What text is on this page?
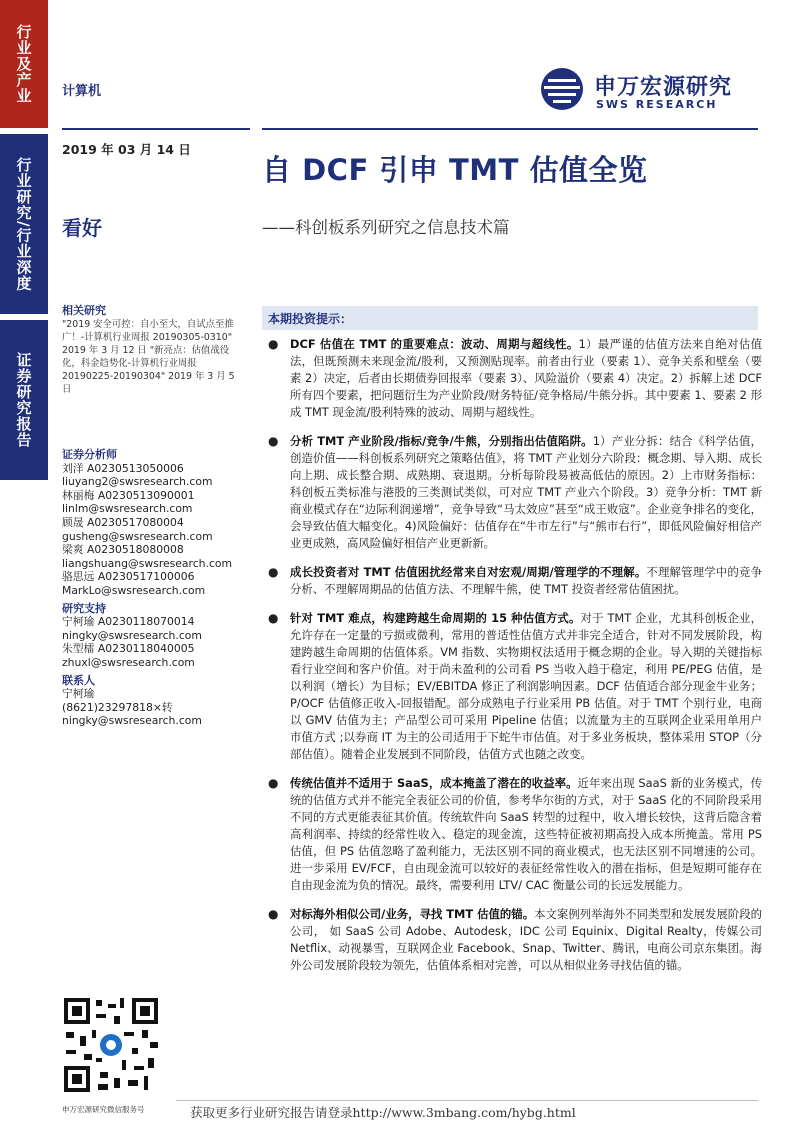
行业及产业
行业研究/行业深度
证券研究报告
计算机	申万宏源研究
SWS RESEARCH
2019 年 03 月 14 日
自 DCF 引申 TMT 估值全览
——科创板系列研究之信息技术篇
看好
相关研究
"2019 安全可控：自小至大，自试点至推广！-计算机行业周报 20190305-0310" 2019 年 3 月 12 日 "新亮点：估值战役化，科金趋势化-计算机行业周报 20190225-20190304" 2019 年 3 月 5 日
证券分析师
刘洋 A0230513050006
liuyang2@swsresearch.com
林丽梅 A0230513090001
linlm@swsresearch.com
顾晟 A0230517080004
gusheng@swsresearch.com
梁爽 A0230518080008
liangshuang@swsresearch.com
骆思远 A0230517100006
MarkLo@swsresearch.com
研究支持
宁柯瑜 A0230118070014
ningky@swsresearch.com
朱型檑 A0230118040005
zhuxl@swsresearch.com
联系人
宁柯瑜
(8621)23297818×转
ningky@swsresearch.com
本期投资提示：
● DCF 估值在 TMT 的重要难点：波动、周期与超线性。1）最严谨的估值方法来自绝对估值法，但既预测未来现金流/股利，又预测贴现率。前者由行业（要素 1）、竞争关系和壁垒（要素 2）决定，后者由长期债券回报率（要素 3）、风险溢价（要素 4）决定。2）拆解上述 DCF 所有四个要素，把问题衍生为产业阶段/财务特征/竞争格局/牛熊分拆。其中要素 1、要素 2 形成 TMT 现金流/股利特殊的波动、周期与超线性。
● 分析 TMT 产业阶段/指标/竞争/牛熊，分别指出估值陷阱。1）产业分拆：结合《科学估值，创造价值——科创板系列研究之策略估值》，将 TMT 产业划分六阶段：概念期、导入期、成长向上期、成长整合期、成熟期、衰退期。分析每阶段易被高低估的原因。2）上市财务指标：科创板五类标准与港股的三类测试类似，可对应 TMT 产业六个阶段。3）竞争分析：TMT 新商业模式存在“边际利润递增”，竞争导致“马太效应”甚至“成王败寇”。企业竞争排名的变化，会导致估值大幅变化。4)风险偏好：估值存在“牛市左行”与“熊市右行”，即低风险偏好相信产业更成熟，高风险偏好相信产业更新新。
● 成长投资者对 TMT 估值困扰经常来自对宏观/周期/管理学的不理解。不理解管理学中的竞争分析、不理解周期品的估值方法、不理解牛熊，使 TMT 投资者经常估值困扰。
● 针对 TMT 难点，构建跨越生命周期的 15 种估值方式。对于 TMT 企业，尤其科创板企业，允许存在一定量的亏损或微利，常用的普适性估值方式并非完全适合，针对不同发展阶段，构建跨越生命周期的估值体系。VM 指数、实物期权法适用于概念期的企业。导入期的关键指标看行业空间和客户价值。对于尚未盈利的公司看 PS 当收入趋于稳定，利用 PE/PEG 估值，是以利润（增长）为目标；EV/EBITDA 修正了利润影响因素。DCF 估值适合部分现金牛业务；P/OCF 估值修正收入-回报错配。部分成熟电子行业采用 PB 估值。对于 TMT 个别行业，电商以 GMV 估值为主；产品型公司可采用 Pipeline 估值；以流量为主的互联网企业采用单用户市值方式 ;以券商 IT 为主的公司适用于下蛇牛市估值。对于多业务板块，整体采用 STOP（分部估值）。随着企业发展到不同阶段，估值方式也随之改变。
● 传统估值并不适用于 SaaS，成本掩盖了潜在的收益率。近年来出现 SaaS 新的业务模式，传统的估值方式并不能完全表征公司的价值，参考华尔街的方式，对于 SaaS 化的不同阶段采用不同的方式更能表征其价值。传统软件向 SaaS 转型的过程中，收入增长较快，这背后隐含着高利润率、持续的经常性收入、稳定的现金流，这些特征被初期高投入成本所掩盖。常用 PS 估值，但 PS 估值忽略了盈利能力，无法区别不同的商业模式，也无法区别不同增速的公司。进一步采用 EV/FCF，自由现金流可以较好的表征经常性收入的潜在指标，但是短期可能存在自由现金流为负的情况。最终，需要利用 LTV/ CAC 衡量公司的长远发展能力。
● 对标海外相似公司/业务，寻找 TMT 估值的锚。本文案例列举海外不同类型和发展发展阶段的公司， 如 SaaS 公司 Adobe、Autodesk，IDC 公司 Equinix、Digital Realty，传媒公司 Netflix、动视暴雪，互联网企业 Facebook、Snap、Twitter、腾讯，电商公司京东集团。海外公司发展阶段较为领先，估值体系相对完善，可以从相似业务寻找估值的锚。
申万宏源研究微信服务号	获取更多行业研究报告请登录http://www.3mbang.com/hybg.html
